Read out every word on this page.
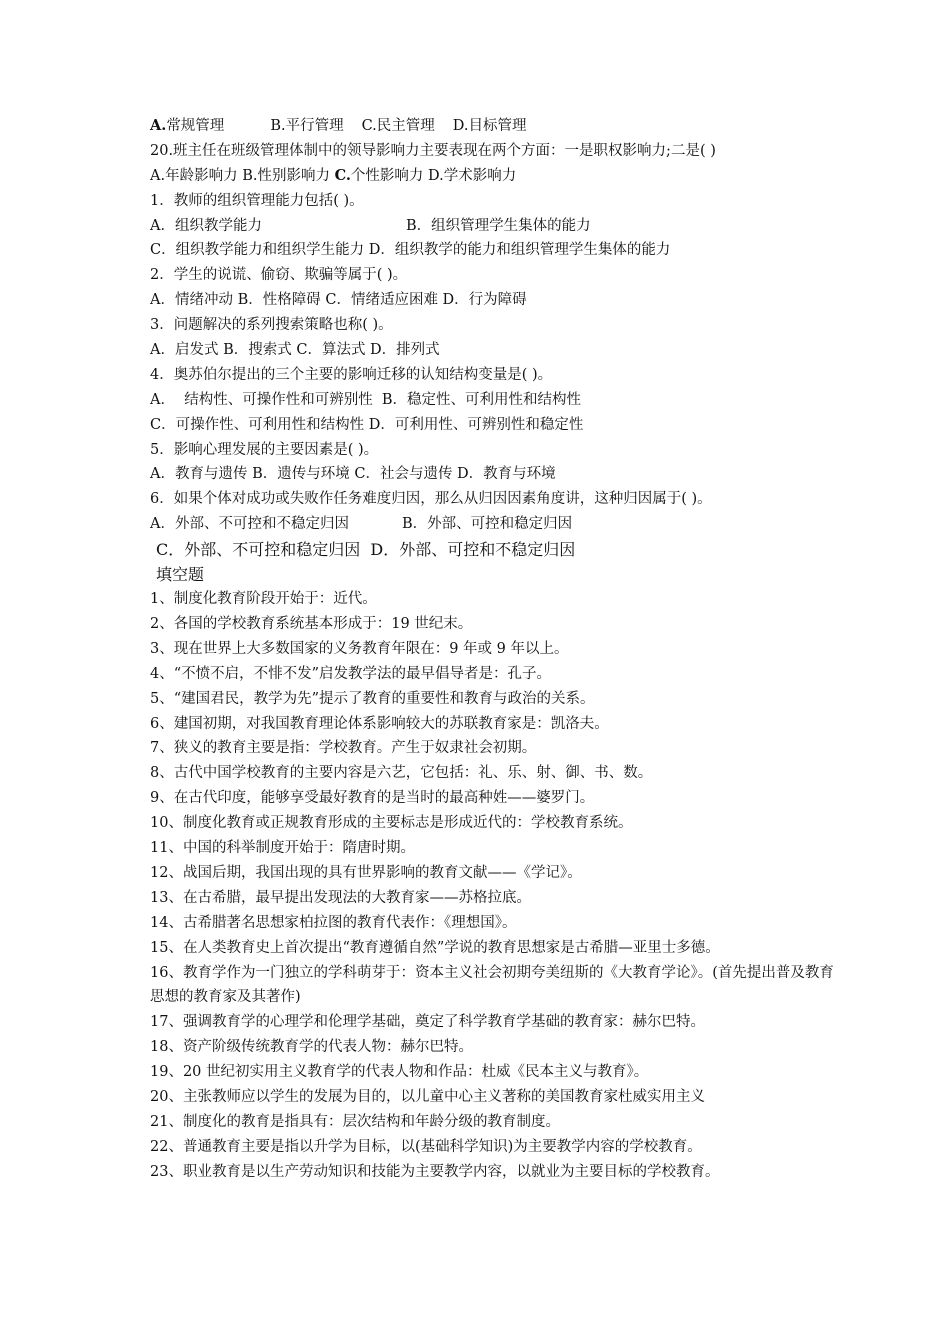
A.常规管理	B.平行管理 C.民主管理 D.目标管理
20.班主任在班级管理体制中的领导影响力主要表现在两个方面：一是职权影响力;二是( )
A.年龄影响力 B.性别影响力 C.个性影响力 D.学术影响力
1．教师的组织管理能力包括( )。
A．组织教学能力	B．组织管理学生集体的能力
C．组织教学能力和组织学生能力 D．组织教学的能力和组织管理学生集体的能力
2．学生的说谎、偷窃、欺骗等属于( )。
A．情绪冲动 B．性格障碍 C．情绪适应困难 D．行为障碍
3．问题解决的系列搜索策略也称( )。
A．启发式 B．搜索式 C．算法式 D．排列式
4．奥苏伯尔提出的三个主要的影响迁移的认知结构变量是( )。
A．  结构性、可操作性和可辨别性  B．稳定性、可利用性和结构性
C．可操作性、可利用性和结构性 D．可利用性、可辨别性和稳定性
5．影响心理发展的主要因素是( )。
A．教育与遗传 B．遗传与环境 C．社会与遗传 D．教育与环境
6．如果个体对成功或失败作任务难度归因，那么从归因因素角度讲，这种归因属于( )。
A．外部、不可控和不稳定归因	B．外部、可控和稳定归因
C．外部、不可控和稳定归因  D．外部、可控和不稳定归因
填空题
1、制度化教育阶段开始于：近代。
2、各国的学校教育系统基本形成于：19 世纪末。
3、现在世界上大多数国家的义务教育年限在：9 年或 9 年以上。
4、“不愤不启，不悱不发”启发教学法的最早倡导者是：孔子。
5、“建国君民，教学为先”提示了教育的重要性和教育与政治的关系。
6、建国初期，对我国教育理论体系影响较大的苏联教育家是：凯洛夫。
7、狭义的教育主要是指：学校教育。产生于奴隶社会初期。
8、古代中国学校教育的主要内容是六艺，它包括：礼、乐、射、御、书、数。
9、在古代印度，能够享受最好教育的是当时的最高种姓——婆罗门。
10、制度化教育或正规教育形成的主要标志是形成近代的：学校教育系统。
11、中国的科举制度开始于：隋唐时期。
12、战国后期，我国出现的具有世界影响的教育文献——《学记》。
13、在古希腊，最早提出发现法的大教育家——苏格拉底。
14、古希腊著名思想家柏拉图的教育代表作：《理想国》。
15、在人类教育史上首次提出“教育遵循自然”学说的教育思想家是古希腊—亚里士多德。
16、教育学作为一门独立的学科萌芽于：资本主义社会初期夸美纽斯的《大教育学论》。(首先提出普及教育思想的教育家及其著作)
17、强调教育学的心理学和伦理学基础，奠定了科学教育学基础的教育家：赫尔巴特。
18、资产阶级传统教育学的代表人物：赫尔巴特。
19、20 世纪初实用主义教育学的代表人物和作品：杜威《民本主义与教育》。
20、主张教师应以学生的发展为目的，以儿童中心主义著称的美国教育家杜威实用主义
21、制度化的教育是指具有：层次结构和年龄分级的教育制度。
22、普通教育主要是指以升学为目标，以(基础科学知识)为主要教学内容的学校教育。
23、职业教育是以生产劳动知识和技能为主要教学内容，以就业为主要目标的学校教育。
